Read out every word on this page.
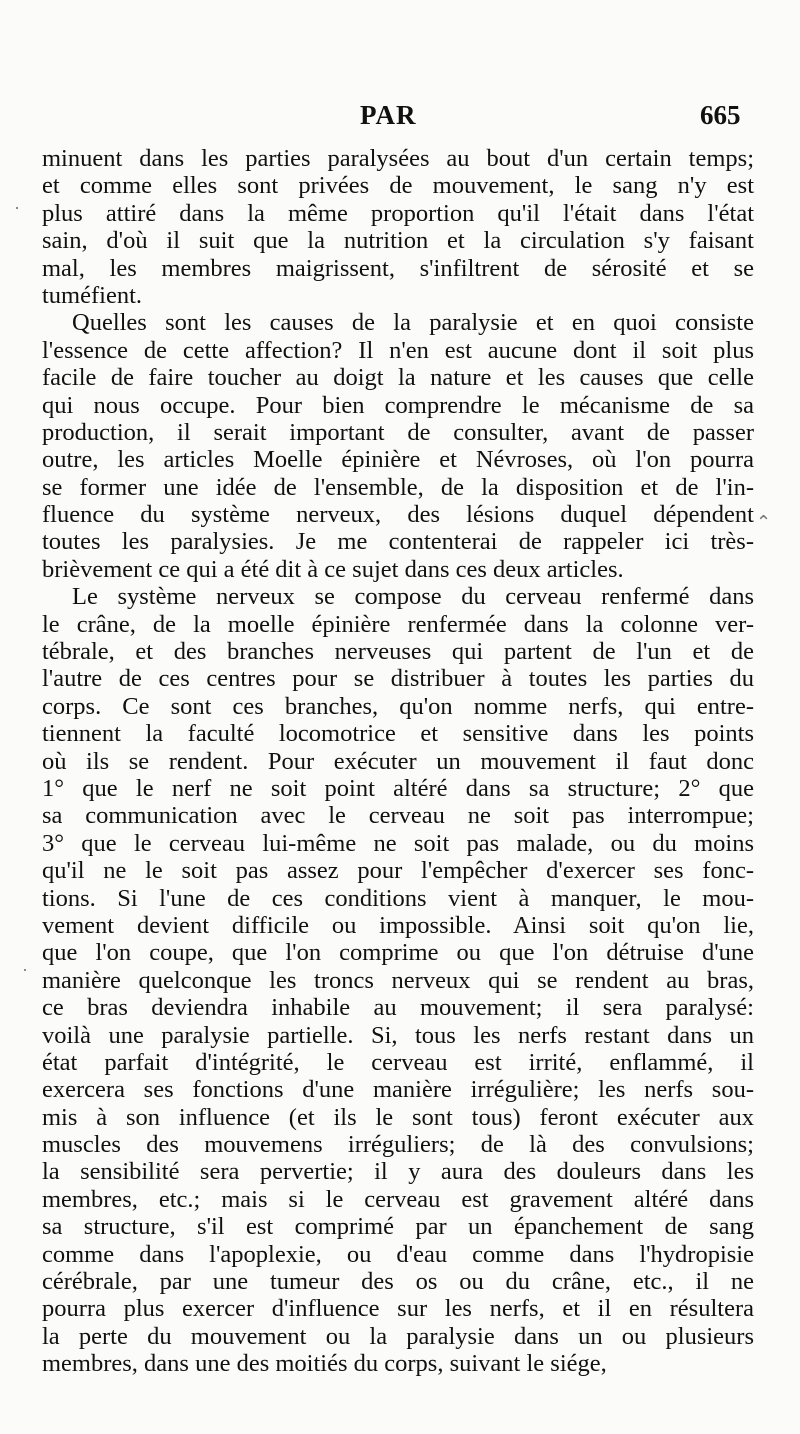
PAR	665
minuent dans les parties paralysées au bout d'un certain temps;
et comme elles sont privées de mouvement, le sang n'y est
plus attiré dans la même proportion qu'il l'était dans l'état
sain, d'où il suit que la nutrition et la circulation s'y faisant
mal, les membres maigrissent, s'infiltrent de sérosité et se
tuméfient.
Quelles sont les causes de la paralysie et en quoi consiste
l'essence de cette affection? Il n'en est aucune dont il soit plus
facile de faire toucher au doigt la nature et les causes que celle
qui nous occupe. Pour bien comprendre le mécanisme de sa
production, il serait important de consulter, avant de passer
outre, les articles Moelle épinière et Névroses, où l'on pourra
se former une idée de l'ensemble, de la disposition et de l'in-
fluence du système nerveux, des lésions duquel dépendent
toutes les paralysies. Je me contenterai de rappeler ici très-
brièvement ce qui a été dit à ce sujet dans ces deux articles.
Le système nerveux se compose du cerveau renfermé dans
le crâne, de la moelle épinière renfermée dans la colonne ver-
tébrale, et des branches nerveuses qui partent de l'un et de
l'autre de ces centres pour se distribuer à toutes les parties du
corps. Ce sont ces branches, qu'on nomme nerfs, qui entre-
tiennent la faculté locomotrice et sensitive dans les points
où ils se rendent. Pour exécuter un mouvement il faut donc
1° que le nerf ne soit point altéré dans sa structure; 2° que
sa communication avec le cerveau ne soit pas interrompue;
3° que le cerveau lui-même ne soit pas malade, ou du moins
qu'il ne le soit pas assez pour l'empêcher d'exercer ses fonc-
tions. Si l'une de ces conditions vient à manquer, le mou-
vement devient difficile ou impossible. Ainsi soit qu'on lie,
que l'on coupe, que l'on comprime ou que l'on détruise d'une
manière quelconque les troncs nerveux qui se rendent au bras,
ce bras deviendra inhabile au mouvement; il sera paralysé:
voilà une paralysie partielle. Si, tous les nerfs restant dans un
état parfait d'intégrité, le cerveau est irrité, enflammé, il
exercera ses fonctions d'une manière irrégulière; les nerfs sou-
mis à son influence (et ils le sont tous) feront exécuter aux
muscles des mouvemens irréguliers; de là des convulsions;
la sensibilité sera pervertie; il y aura des douleurs dans les
membres, etc.; mais si le cerveau est gravement altéré dans
sa structure, s'il est comprimé par un épanchement de sang
comme dans l'apoplexie, ou d'eau comme dans l'hydropisie
cérébrale, par une tumeur des os ou du crâne, etc., il ne
pourra plus exercer d'influence sur les nerfs, et il en résultera
la perte du mouvement ou la paralysie dans un ou plusieurs
membres, dans une des moitiés du corps, suivant le siége,
·
⌃
·
